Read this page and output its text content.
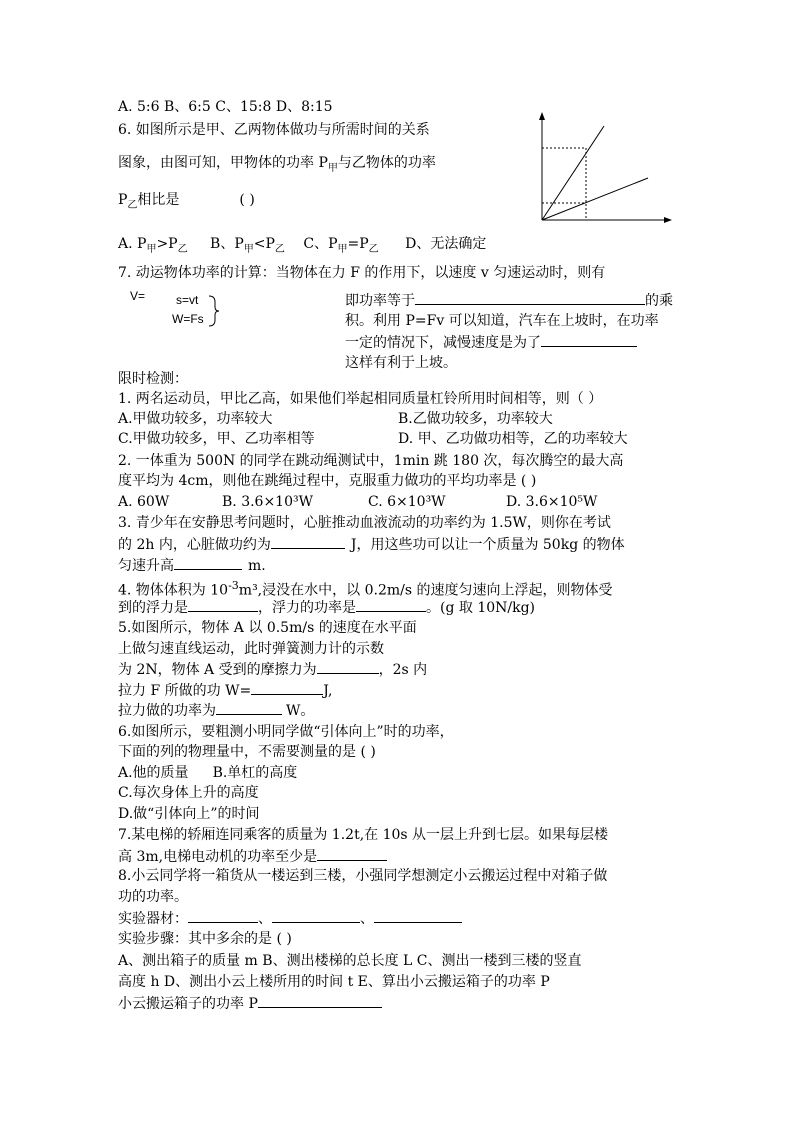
A. 5:6 B、6:5 C、15:8 D、8:15
6. 如图所示是甲、乙两物体做功与所需时间的关系
图象，由图可知，甲物体的功率 $P_甲$与乙物体的功率
$P_乙$相比是	( )
A. $P_甲>P_乙$ B、$P_甲<P_乙$ C、$P_甲=P_乙$ D、无法确定
7. 动运物体功率的计算：当物体在力 F 的作用下，以速度 v 匀速运动时，则有
V=	s=vt
W=Fs
即功率等于	的乘
积。利用 P=Fv 可以知道，汽车在上坡时，在功率
一定的情况下，减慢速度是为了
这样有利于上坡。
限时检测：
1. 两名运动员，甲比乙高，如果他们举起相同质量杠铃所用时间相等，则（ ）
A.甲做功较多，功率较大	B.乙做功较多，功率较大
C.甲做功较多，甲、乙功率相等	D. 甲、乙功做功相等，乙的功率较大
2. 一体重为 500N 的同学在跳动绳测试中，1min 跳 180 次，每次腾空的最大高
度平均为 4cm，则他在跳绳过程中，克服重力做功的平均功率是 ( )
A. 60W	B. 3.6×10³W	C. 6×10³W	D. 3.6×10⁵W
3. 青少年在安静思考问题时，心脏推动血液流动的功率约为 1.5W，则你在考试
的 2h 内，心脏做功约为	J，用这些功可以让一个质量为 50kg 的物体
匀速升高	m.
4. 物体体积为 $10^{-3}m^3$,浸没在水中，以 0.2m/s 的速度匀速向上浮起，则物体受
到的浮力是	，浮力的功率是	。(g 取 10N/kg)
5.如图所示，物体 A 以 0.5m/s 的速度在水平面
上做匀速直线运动，此时弹簧测力计的示数
为 2N，物体 A 受到的摩擦力为	，2s 内
拉力 F 所做的功 W=	J,
拉力做的功率为	W。
6.如图所示，要粗测小明同学做“引体向上”时的功率，
下面的列的物理量中，不需要测量的是 ( )
A.他的质量 B.单杠的高度
C.每次身体上升的高度
D.做“引体向上”的时间
7.某电梯的轿厢连同乘客的质量为 1.2t,在 10s 从一层上升到七层。如果每层楼
高 3m,电梯电动机的功率至少是
8.小云同学将一箱货从一楼运到三楼，小强同学想测定小云搬运过程中对箱子做
功的功率。
实验器材：	、	、
实验步骤：其中多余的是 ( )
A、测出箱子的质量 m B、测出楼梯的总长度 L C、测出一楼到三楼的竖直
高度 h D、测出小云上楼所用的时间 t E、算出小云搬运箱子的功率 P
小云搬运箱子的功率 P
